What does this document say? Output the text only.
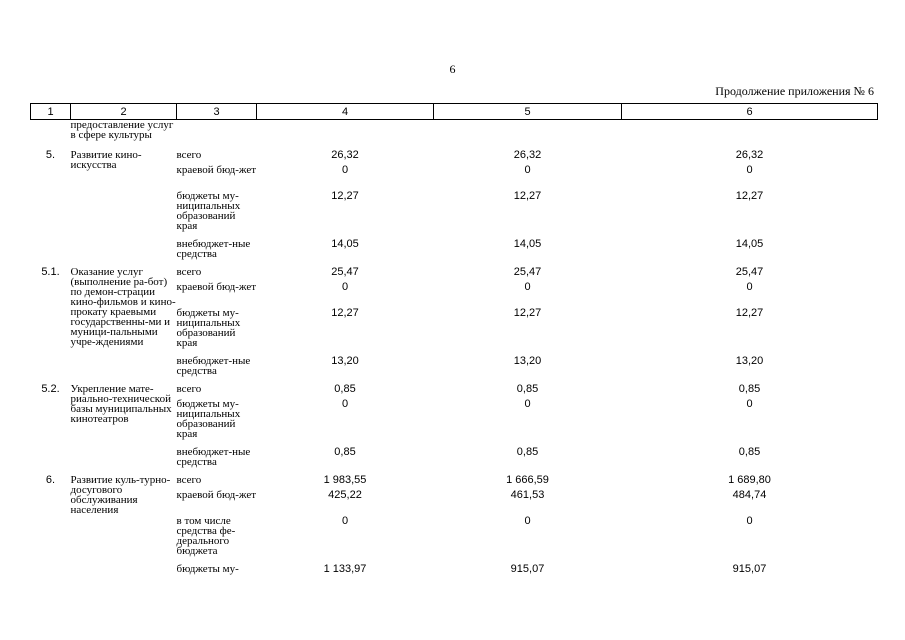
6
Продолжение приложения № 6
1	2	3	4	5	6
	предоставление услуг в сфере культуры				
5.	Развитие кино-искусства	всего	26,32	26,32	26,32
		краевой бюд-жет	0	0	0
		бюджеты му-ниципальных образований края	12,27	12,27	12,27
		внебюджет-ные средства	14,05	14,05	14,05
5.1.	Оказание услуг (выполнение ра-бот) по демон-страции кино-фильмов и кино-прокату краевыми государственны-ми и муници-пальными учре-ждениями	всего	25,47	25,47	25,47
		краевой бюд-жет	0	0	0
		бюджеты му-ниципальных образований края	12,27	12,27	12,27
		внебюджет-ные средства	13,20	13,20	13,20
5.2.	Укрепление мате-риально-технической базы муниципальных кинотеатров	всего	0,85	0,85	0,85
		бюджеты му-ниципальных образований края	0	0	0
		внебюджет-ные средства	0,85	0,85	0,85
6.	Развитие куль-турно-досугового обслуживания населения	всего	1 983,55	1 666,59	1 689,80
		краевой бюд-жет	425,22	461,53	484,74
		в том числе средства фе-дерального бюджета	0	0	0
		бюджеты му-	1 133,97	915,07	915,07
